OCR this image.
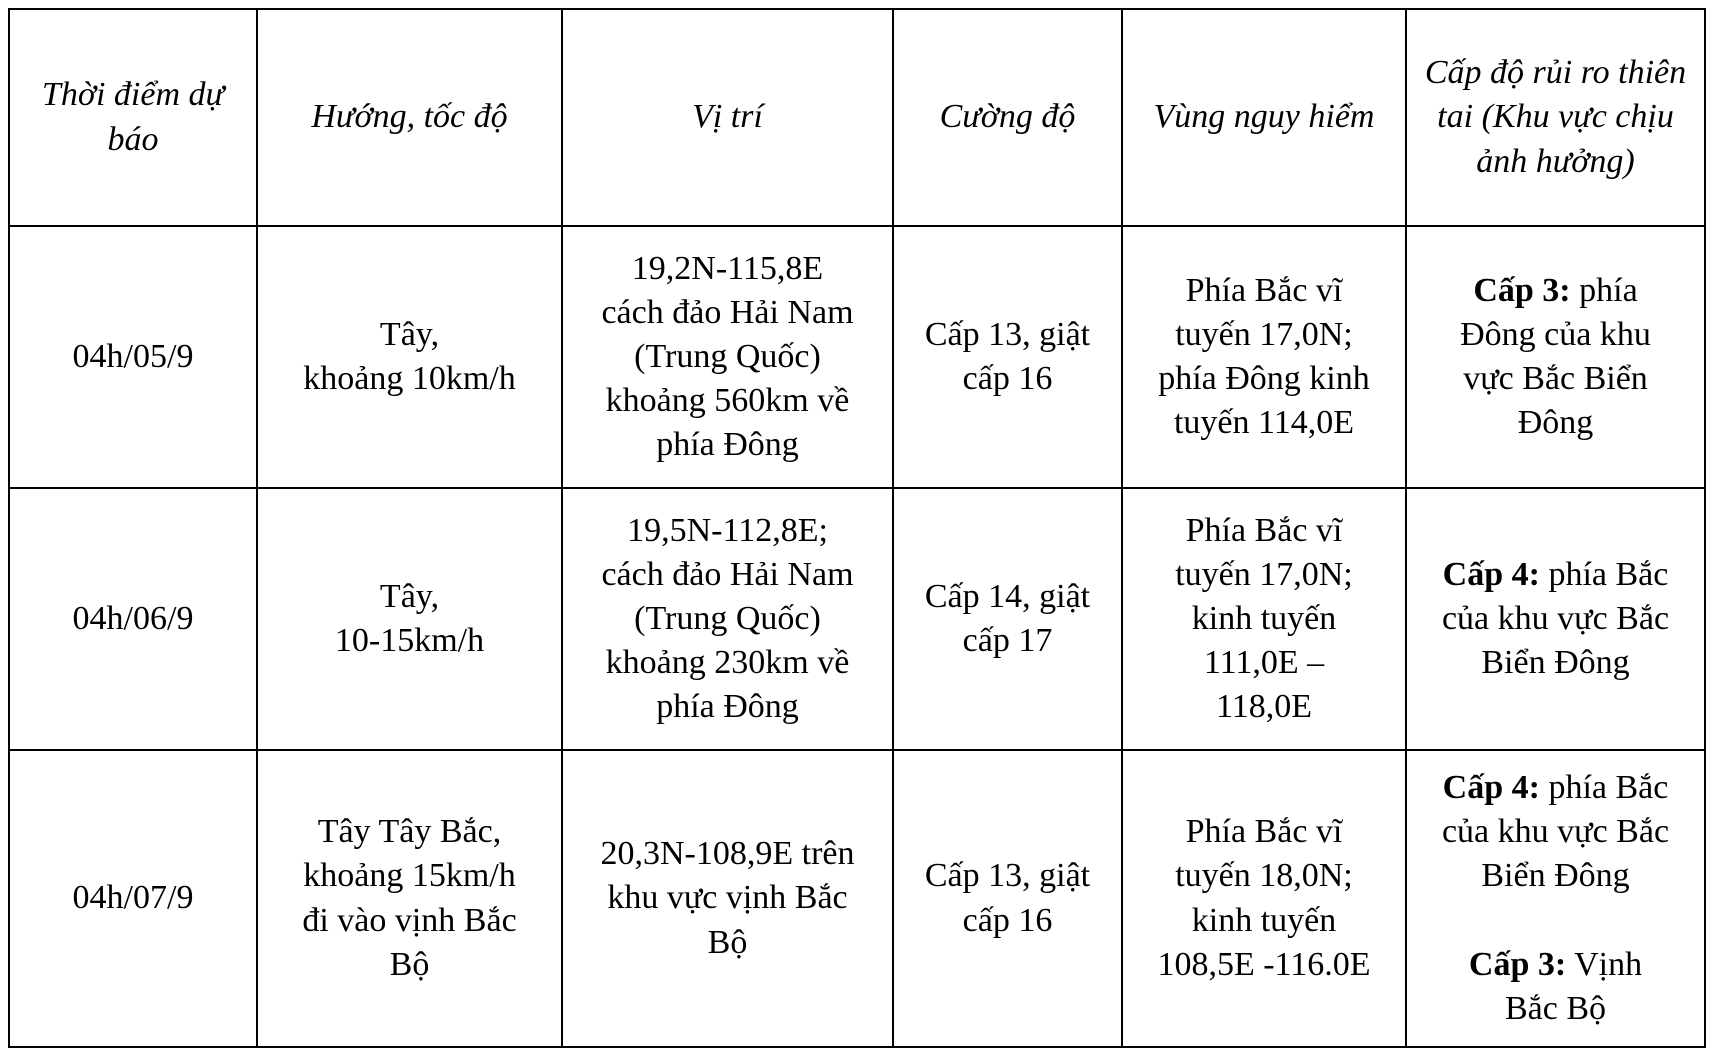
Thời điểm dự báo	Hướng, tốc độ	Vị trí	Cường độ	Vùng nguy hiểm	Cấp độ rủi ro thiên tai (Khu vực chịu ảnh hưởng)
04h/05/9	Tây,
khoảng 10km/h	19,2N-115,8E
cách đảo Hải Nam
(Trung Quốc)
khoảng 560km về
phía Đông	Cấp 13, giật
cấp 16	Phía Bắc vĩ
tuyến 17,0N;
phía Đông kinh
tuyến 114,0E	Cấp 3: phía
Đông của khu
vực Bắc Biển
Đông

04h/06/9	Tây,
10-15km/h	19,5N-112,8E;
cách đảo Hải Nam
(Trung Quốc)
khoảng 230km về
phía Đông	Cấp 14, giật
cấp 17	Phía Bắc vĩ
tuyến 17,0N;
kinh tuyến
111,0E –
118,0E	Cấp 4: phía Bắc
của khu vực Bắc
Biển Đông

04h/07/9	Tây Tây Bắc,
khoảng 15km/h
đi vào vịnh Bắc
Bộ	20,3N-108,9E trên
khu vực vịnh Bắc
Bộ	Cấp 13, giật
cấp 16	Phía Bắc vĩ
tuyến 18,0N;
kinh tuyến
108,5E -116.0E	Cấp 4: phía Bắc
của khu vực Bắc
Biển Đông
Cấp 3: Vịnh
Bắc Bộ
